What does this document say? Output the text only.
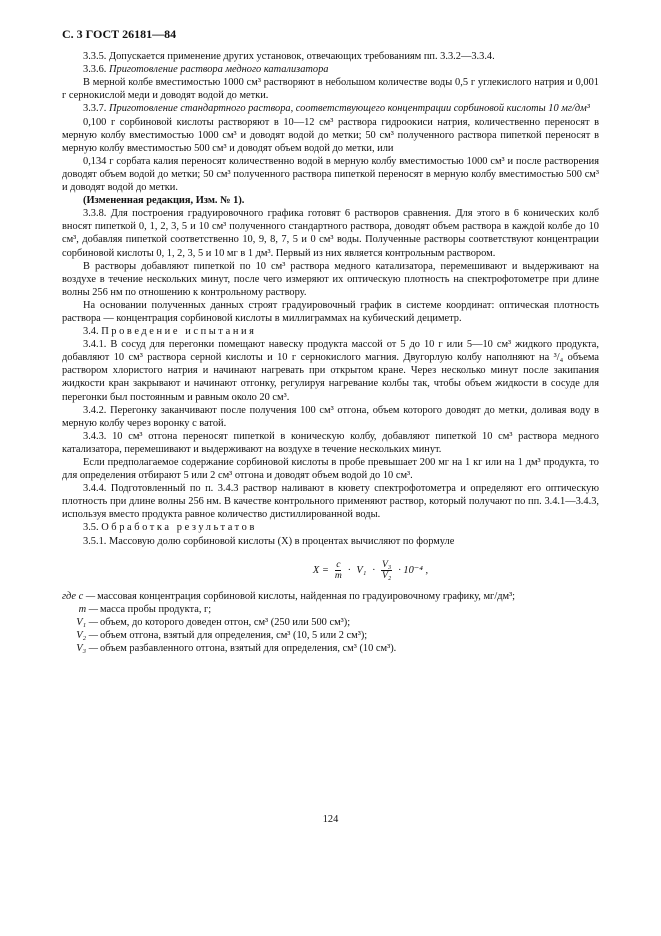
С. 3 ГОСТ 26181—84

3.3.5. Допускается применение других установок, отвечающих требованиям пп. 3.3.2—3.3.4.

3.3.6. Приготовление раствора медного катализатора

В мерной колбе вместимостью 1000 см³ растворяют в небольшом количестве воды 0,5 г углекислого натрия и 0,001 г сернокислой меди и доводят водой до метки.

3.3.7. Приготовление стандартного раствора, соответствующего концентрации сорбиновой кислоты 10 мг/дм³

0,100 г сорбиновой кислоты растворяют в 10—12 см³ раствора гидроокиси натрия, количественно переносят в мерную колбу вместимостью 1000 см³ и доводят водой до метки; 50 см³ полученного раствора пипеткой переносят в мерную колбу вместимостью 500 см³ и доводят объем водой до метки, или

0,134 г сорбата калия переносят количественно водой в мерную колбу вместимостью 1000 см³ и после растворения доводят объем водой до метки; 50 см³ полученного раствора пипеткой переносят в мерную колбу вместимостью 500 см³ и доводят водой до метки.

(Измененная редакция, Изм. № 1).

3.3.8. Для построения градуировочного графика готовят 6 растворов сравнения. Для этого в 6 конических колб вносят пипеткой 0, 1, 2, 3, 5 и 10 см³ полученного стандартного раствора, доводят объем раствора в каждой колбе до 10 см³, добавляя пипеткой соответственно 10, 9, 8, 7, 5 и 0 см³ воды. Полученные растворы соответствуют концентрации сорбиновой кислоты 0, 1, 2, 3, 5 и 10 мг в 1 дм³. Первый из них является контрольным раствором.

В растворы добавляют пипеткой по 10 см³ раствора медного катализатора, перемешивают и выдерживают на воздухе в течение нескольких минут, после чего измеряют их оптическую плотность на спектрофотометре при длине волны 256 нм по отношению к контрольному раствору.

На основании полученных данных строят градуировочный график в системе координат: оптическая плотность раствора — концентрация сорбиновой кислоты в миллиграммах на кубический дециметр.

3.4. Проведение испытания

3.4.1. В сосуд для перегонки помещают навеску продукта массой от 5 до 10 г или 5—10 см³ жидкого продукта, добавляют 10 см³ раствора серной кислоты и 10 г сернокислого магния. Двугорлую колбу наполняют на ³/₄ объема раствором хлористого натрия и начинают нагревать при открытом кране. Через несколько минут после закипания жидкости кран закрывают и начинают отгонку, регулируя нагревание колбы так, чтобы объем жидкости в сосуде для перегонки был постоянным и равным около 20 см³.

3.4.2. Перегонку заканчивают после получения 100 см³ отгона, объем которого доводят до метки, доливая воду в мерную колбу через воронку с ватой.

3.4.3. 10 см³ отгона переносят пипеткой в коническую колбу, добавляют пипеткой 10 см³ раствора медного катализатора, перемешивают и выдерживают на воздухе в течение нескольких минут.

Если предполагаемое содержание сорбиновой кислоты в пробе превышает 200 мг на 1 кг или на 1 дм³ продукта, то для определения отбирают 5 или 2 см³ отгона и доводят объем водой до 10 см³.

3.4.4. Подготовленный по п. 3.4.3 раствор наливают в кювету спектрофотометра и определяют его оптическую плотность при длине волны 256 нм. В качестве контрольного применяют раствор, который получают по пп. 3.4.1—3.4.3, используя вместо продукта равное количество дистиллированной воды.

3.5. Обработка результатов

3.5.1. Массовую долю сорбиновой кислоты (X) в процентах вычисляют по формуле

$X = \frac{c}{m} \cdot V_1 \cdot \frac{\text{V₃}}{\text{V₂}} \cdot 10^{-4}$ ,
где c — массовая концентрация сорбиновой кислоты, найденная по градуировочному графику, мг/дм³;
m — масса пробы продукта, г;
V₁ — объем, до которого доведен отгон, см³ (250 или 500 см³);
V₂ — объем отгона, взятый для определения, см³ (10, 5 или 2 см³);
V₃ — объем разбавленного отгона, взятый для определения, см³ (10 см³).
124
